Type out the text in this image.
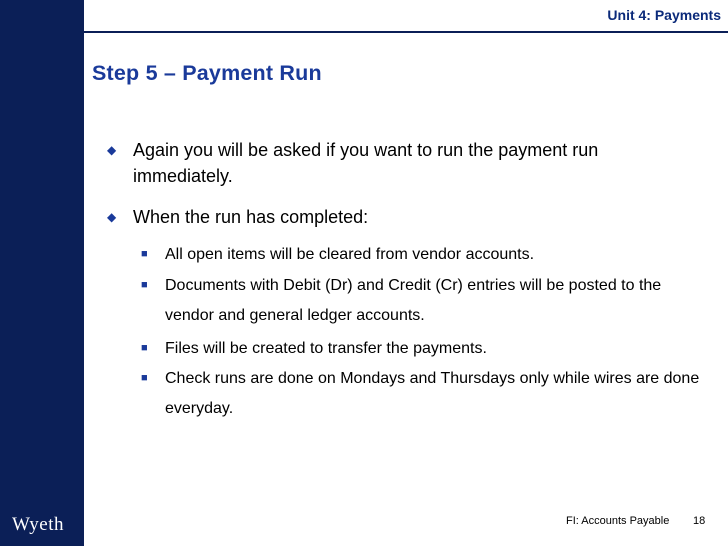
Wyeth
Unit 4: Payments
Step 5 – Payment Run
◆ Again you will be asked if you want to run the payment run immediately.
◆ When the run has completed:
■ All open items will be cleared from vendor accounts.
■ Documents with Debit (Dr) and Credit (Cr) entries will be posted to the vendor and general ledger accounts.
■ Files will be created to transfer the payments.
■ Check runs are done on Mondays and Thursdays only while wires are done everyday.
FI: Accounts Payable 18
